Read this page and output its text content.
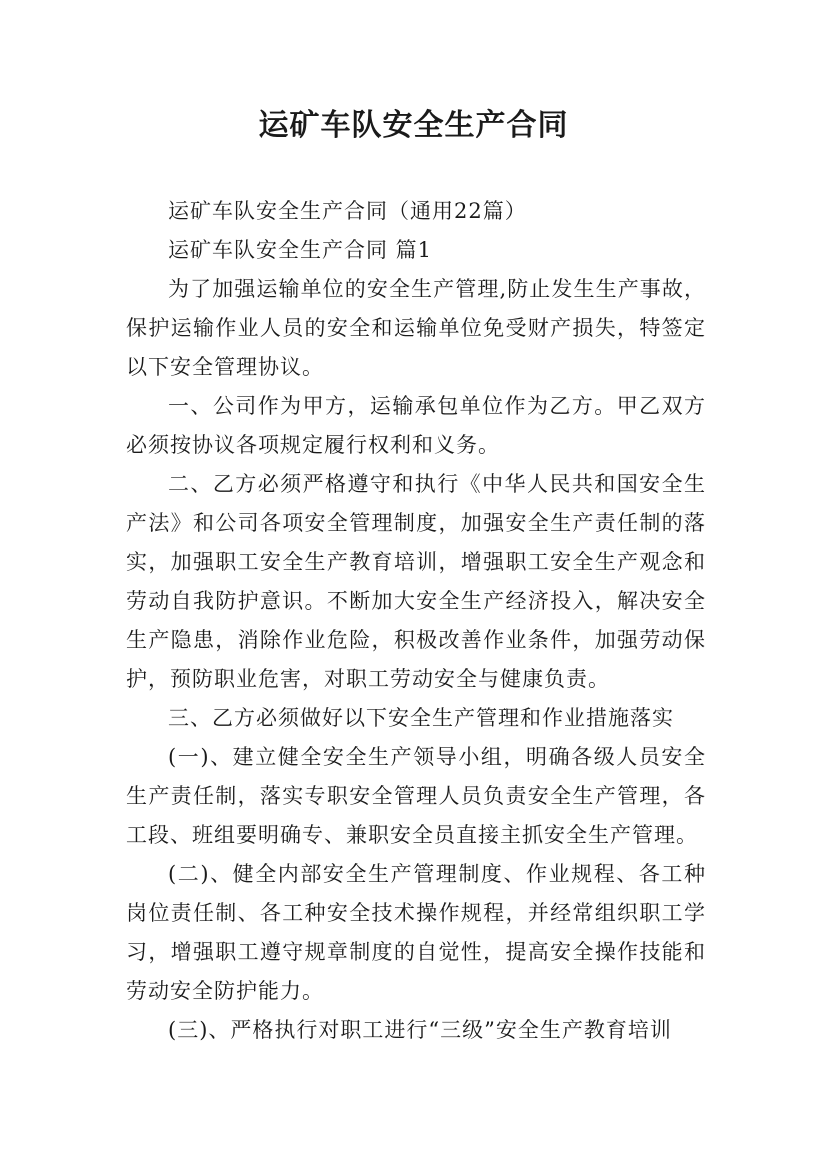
运矿车队安全生产合同

运矿车队安全生产合同（通用22篇）

运矿车队安全生产合同 篇1

为了加强运输单位的安全生产管理,防止发生生产事故，保护运输作业人员的安全和运输单位免受财产损失，特签定以下安全管理协议。

一、公司作为甲方，运输承包单位作为乙方。甲乙双方必须按协议各项规定履行权利和义务。

二、乙方必须严格遵守和执行《中华人民共和国安全生产法》和公司各项安全管理制度，加强安全生产责任制的落实，加强职工安全生产教育培训，增强职工安全生产观念和劳动自我防护意识。不断加大安全生产经济投入，解决安全生产隐患，消除作业危险，积极改善作业条件，加强劳动保护，预防职业危害，对职工劳动安全与健康负责。

三、乙方必须做好以下安全生产管理和作业措施落实

(一)、建立健全安全生产领导小组，明确各级人员安全生产责任制，落实专职安全管理人员负责安全生产管理，各工段、班组要明确专、兼职安全员直接主抓安全生产管理。

(二)、健全内部安全生产管理制度、作业规程、各工种岗位责任制、各工种安全技术操作规程，并经常组织职工学习，增强职工遵守规章制度的自觉性，提高安全操作技能和劳动安全防护能力。

(三)、严格执行对职工进行“三级”安全生产教育培训
